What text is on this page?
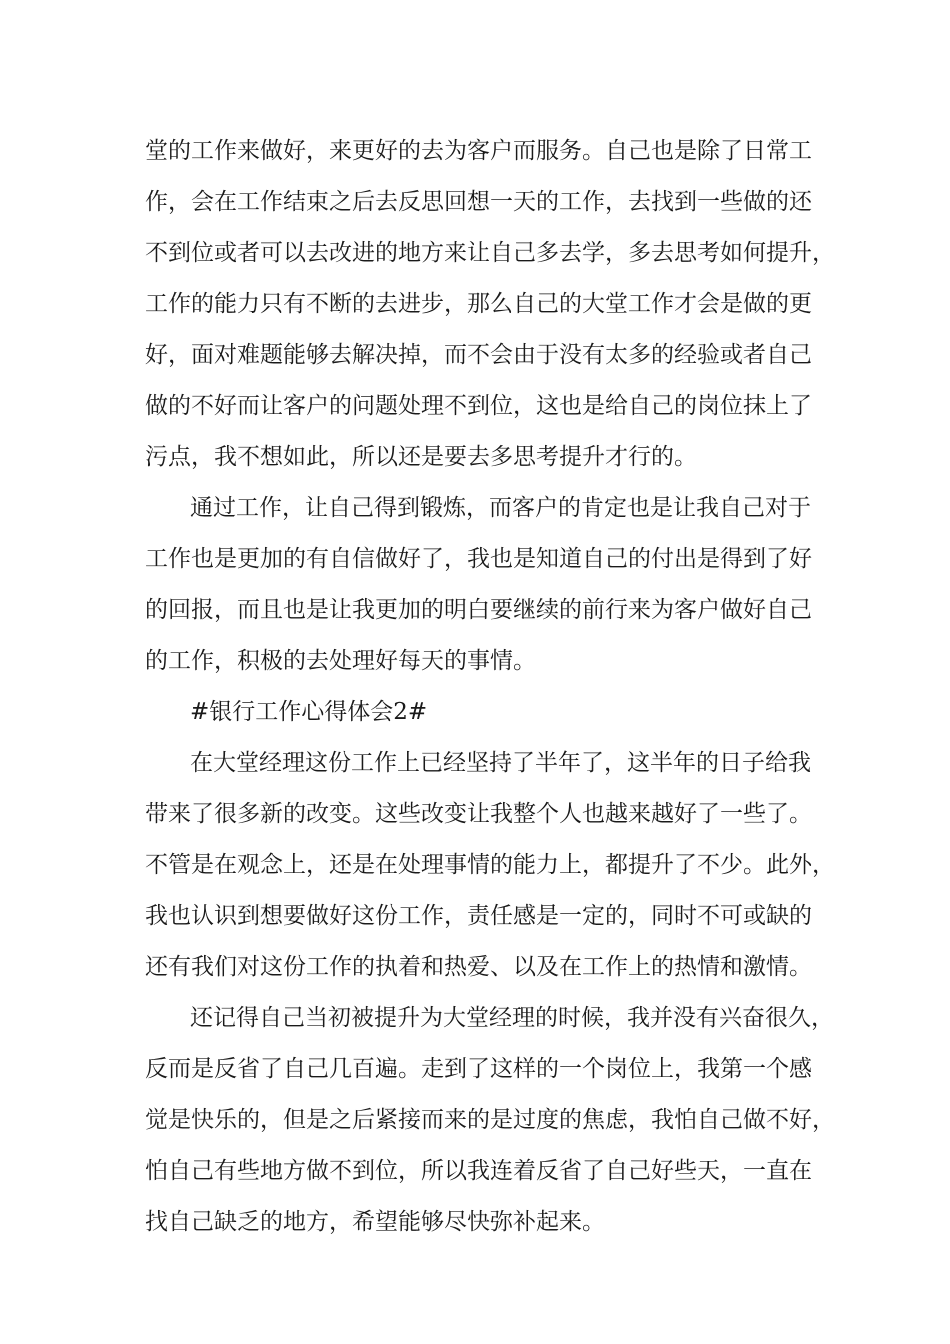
堂的工作来做好，来更好的去为客户而服务。自己也是除了日常工
作，会在工作结束之后去反思回想一天的工作，去找到一些做的还
不到位或者可以去改进的地方来让自己多去学，多去思考如何提升，
工作的能力只有不断的去进步，那么自己的大堂工作才会是做的更
好，面对难题能够去解决掉，而不会由于没有太多的经验或者自己
做的不好而让客户的问题处理不到位，这也是给自己的岗位抹上了
污点，我不想如此，所以还是要去多思考提升才行的。
通过工作，让自己得到锻炼，而客户的肯定也是让我自己对于
工作也是更加的有自信做好了，我也是知道自己的付出是得到了好
的回报，而且也是让我更加的明白要继续的前行来为客户做好自己
的工作，积极的去处理好每天的事情。
#银行工作心得体会2#
在大堂经理这份工作上已经坚持了半年了，这半年的日子给我
带来了很多新的改变。这些改变让我整个人也越来越好了一些了。
不管是在观念上，还是在处理事情的能力上，都提升了不少。此外，
我也认识到想要做好这份工作，责任感是一定的，同时不可或缺的
还有我们对这份工作的执着和热爱、以及在工作上的热情和激情。
还记得自己当初被提升为大堂经理的时候，我并没有兴奋很久，
反而是反省了自己几百遍。走到了这样的一个岗位上，我第一个感
觉是快乐的，但是之后紧接而来的是过度的焦虑，我怕自己做不好，
怕自己有些地方做不到位，所以我连着反省了自己好些天，一直在
找自己缺乏的地方，希望能够尽快弥补起来。
